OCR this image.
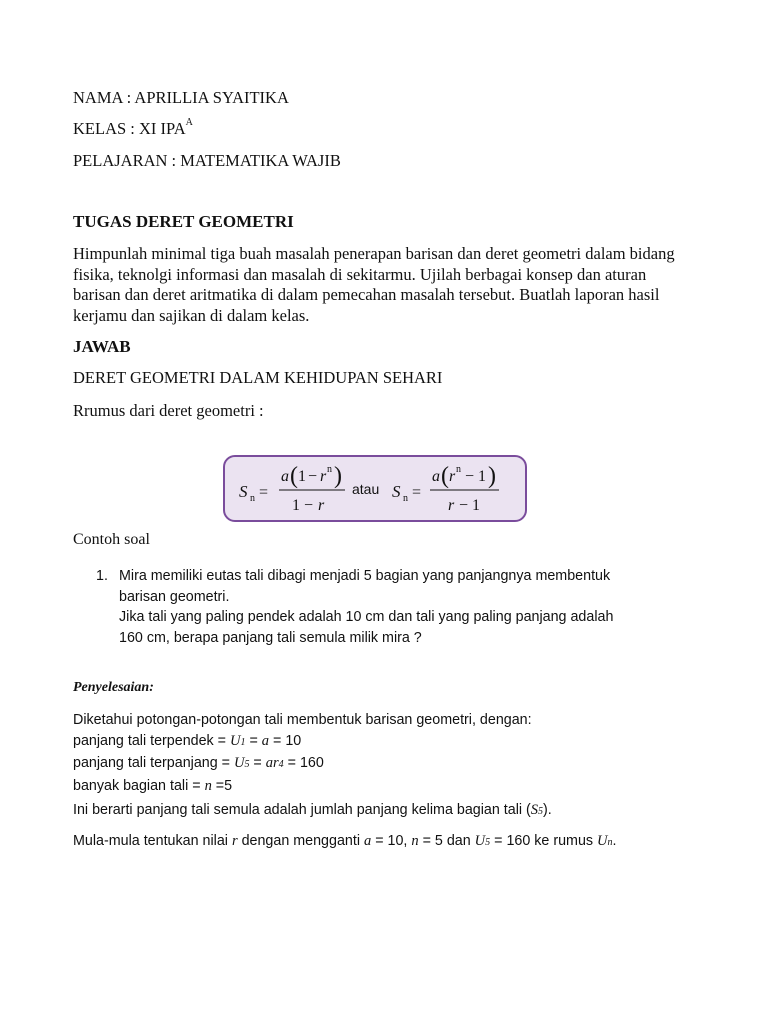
NAMA : APRILLIA SYAITIKA
KELAS : XI $IPA^A$
PELAJARAN : MATEMATIKA WAJIB
TUGAS DERET GEOMETRI

Himpunlah minimal tiga buah masalah penerapan barisan dan deret geometri dalam bidang fisika, teknolgi informasi dan masalah di sekitarmu. Ujilah berbagai konsep dan aturan barisan dan deret aritmatika di dalam pemecahan masalah tersebut. Buatlah laporan hasil kerjamu dan sajikan di dalam kelas.

JAWAB
DERET GEOMETRI DALAM KEHIDUPAN SEHARI
Rrumus dari deret geometri :
S n =
a ( 1 − r n )
1 − r
atau S n =
a ( r n − 1 )
r − 1
Contoh soal
1. Mira memiliki eutas tali dibagi menjadi 5 bagian yang panjangnya membentuk
barisan geometri.
Jika tali yang paling pendek adalah 10 cm dan tali yang paling panjang adalah
160 cm, berapa panjang tali semula milik mira ?
Penyelesaian:
Diketahui potongan-potongan tali membentuk barisan geometri, dengan:
panjang tali terpendek = U1 = a = 10
panjang tali terpanjang = U5 = ar4 = 160
banyak bagian tali = n =5
Ini berarti panjang tali semula adalah jumlah panjang kelima bagian tali (S5).
Mula-mula tentukan nilai r dengan mengganti a = 10, n = 5 dan U5 = 160 ke rumus Un.
